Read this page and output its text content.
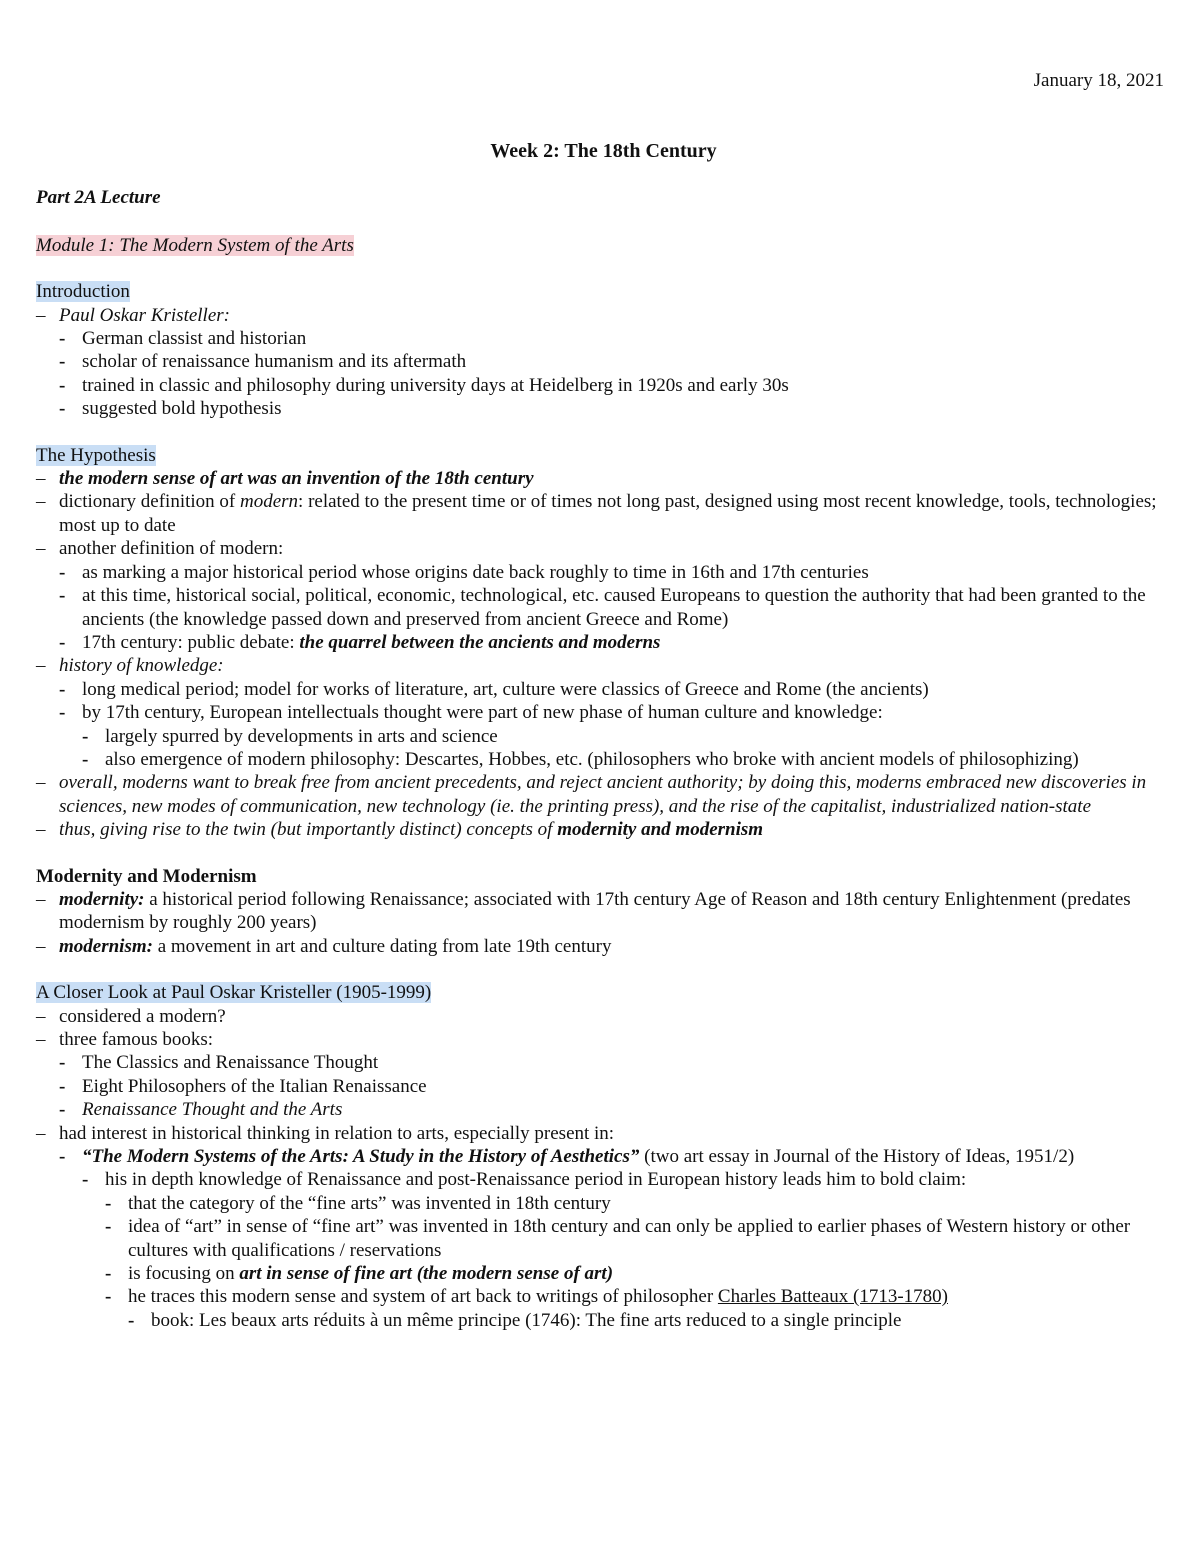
January 18, 2021
Week 2: The 18th Century
Part 2A Lecture
Module 1: The Modern System of the Arts
Introduction
– Paul Oskar Kristeller:
- German classist and historian
- scholar of renaissance humanism and its aftermath
- trained in classic and philosophy during university days at Heidelberg in 1920s and early 30s
- suggested bold hypothesis
The Hypothesis
– the modern sense of art was an invention of the 18th century
– dictionary definition of modern: related to the present time or of times not long past, designed using most recent knowledge, tools, technologies; most up to date
– another definition of modern:
- as marking a major historical period whose origins date back roughly to time in 16th and 17th centuries
- at this time, historical social, political, economic, technological, etc. caused Europeans to question the authority that had been granted to the ancients (the knowledge passed down and preserved from ancient Greece and Rome)
- 17th century: public debate: the quarrel between the ancients and moderns
– history of knowledge:
- long medical period; model for works of literature, art, culture were classics of Greece and Rome (the ancients)
- by 17th century, European intellectuals thought were part of new phase of human culture and knowledge:
- largely spurred by developments in arts and science
- also emergence of modern philosophy: Descartes, Hobbes, etc. (philosophers who broke with ancient models of philosophizing)
– overall, moderns want to break free from ancient precedents, and reject ancient authority; by doing this, moderns embraced new discoveries in sciences, new modes of communication, new technology (ie. the printing press), and the rise of the capitalist, industrialized nation-state
– thus, giving rise to the twin (but importantly distinct) concepts of modernity and modernism
Modernity and Modernism
– modernity: a historical period following Renaissance; associated with 17th century Age of Reason and 18th century Enlightenment (predates modernism by roughly 200 years)
– modernism: a movement in art and culture dating from late 19th century
A Closer Look at Paul Oskar Kristeller (1905-1999)
– considered a modern?
– three famous books:
- The Classics and Renaissance Thought
- Eight Philosophers of the Italian Renaissance
- Renaissance Thought and the Arts
– had interest in historical thinking in relation to arts, especially present in:
- “The Modern Systems of the Arts: A Study in the History of Aesthetics” (two art essay in Journal of the History of Ideas, 1951/2)
- his in depth knowledge of Renaissance and post-Renaissance period in European history leads him to bold claim:
- that the category of the “fine arts” was invented in 18th century
- idea of “art” in sense of “fine art” was invented in 18th century and can only be applied to earlier phases of Western history or other cultures with qualifications / reservations
- is focusing on art in sense of fine art (the modern sense of art)
- he traces this modern sense and system of art back to writings of philosopher Charles Batteaux (1713-1780)
- book: Les beaux arts réduits à un même principe (1746): The fine arts reduced to a single principle
